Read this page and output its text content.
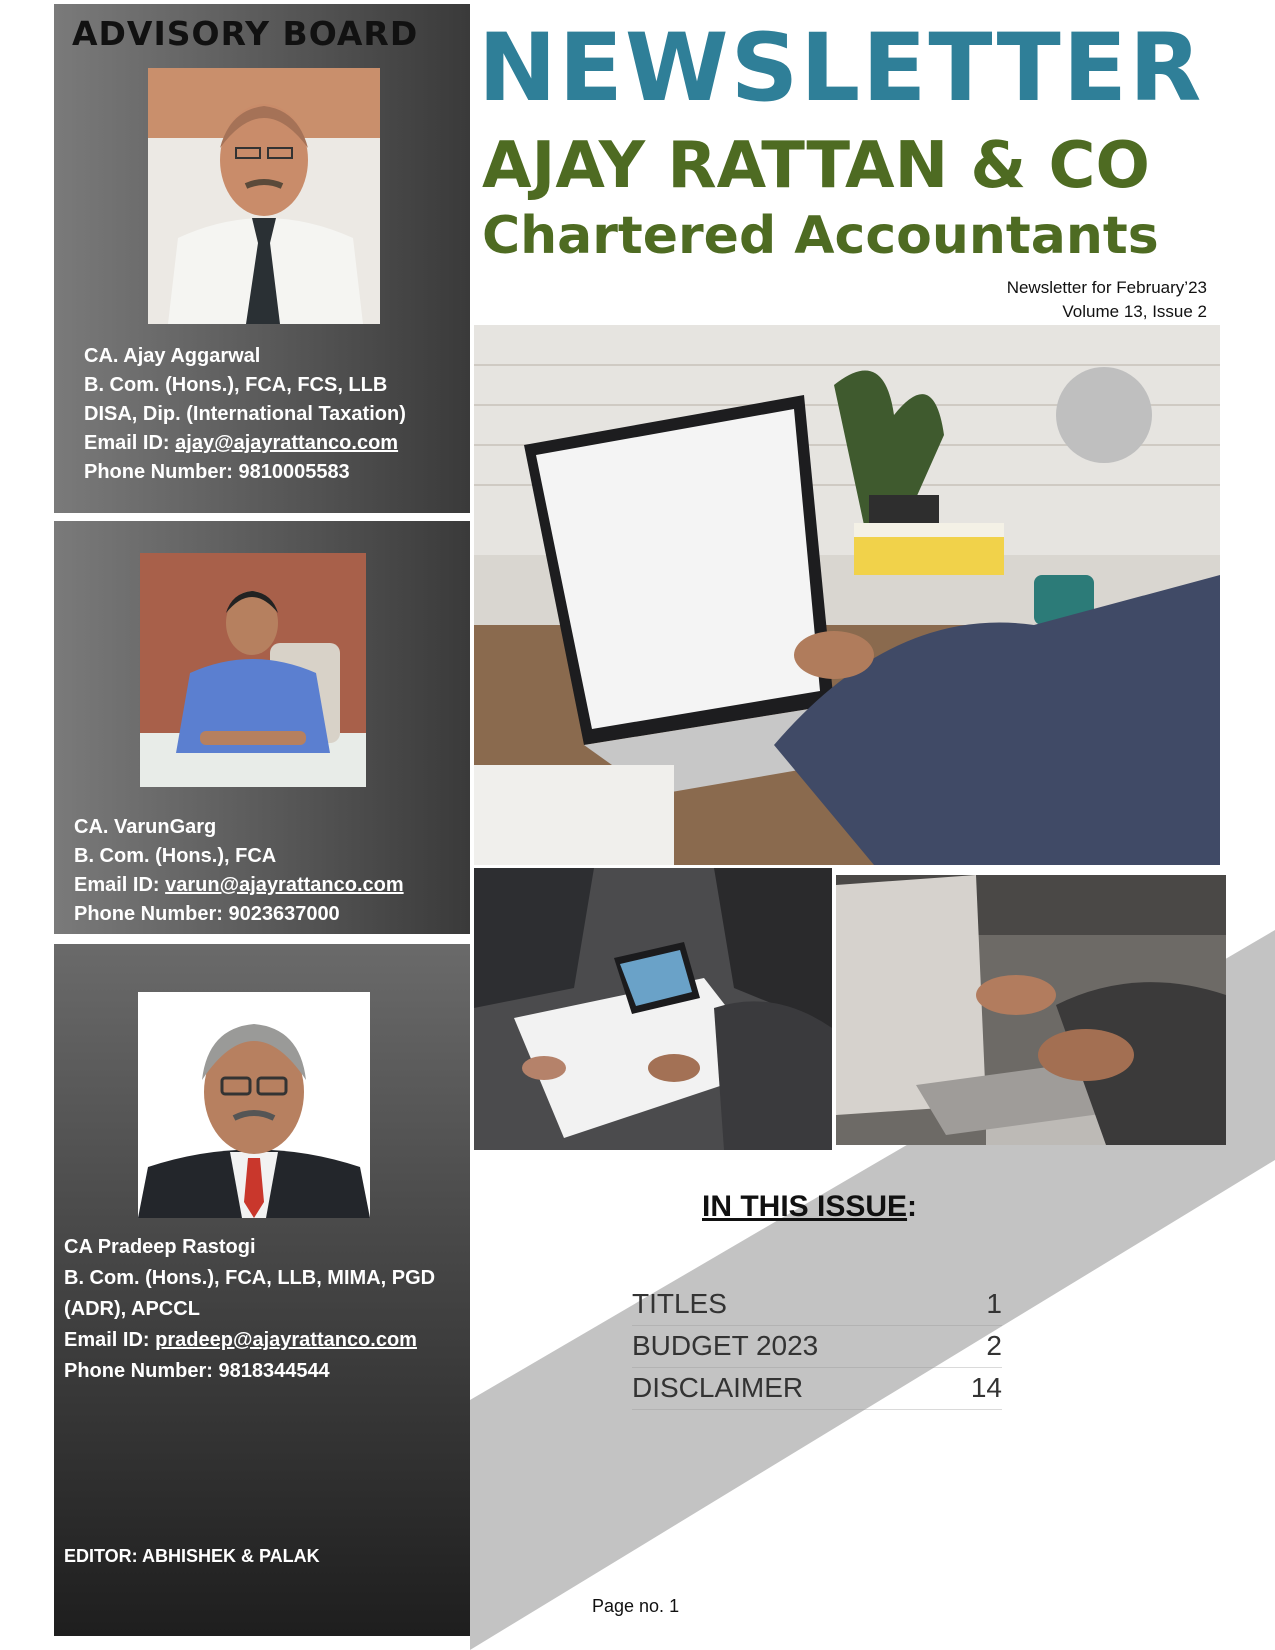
ADVISORY BOARD
CA. Ajay Aggarwal
B. Com. (Hons.), FCA, FCS, LLB
DISA, Dip. (International Taxation)
Email ID: ajay@ajayrattanco.com
Phone Number: 9810005583
CA. VarunGarg
B. Com. (Hons.), FCA
Email ID: varun@ajayrattanco.com
Phone Number: 9023637000
CA Pradeep Rastogi
B. Com. (Hons.), FCA, LLB, MIMA, PGD
(ADR), APCCL
Email ID: pradeep@ajayrattanco.com
Phone Number: 9818344544
EDITOR: ABHISHEK & PALAK
NEWSLETTER
AJAY RATTAN & CO
Chartered Accountants
Newsletter for February’23
Volume 13, Issue 2
IN THIS ISSUE:
TITLES	1
BUDGET 2023	2
DISCLAIMER	14
Page no. 1
